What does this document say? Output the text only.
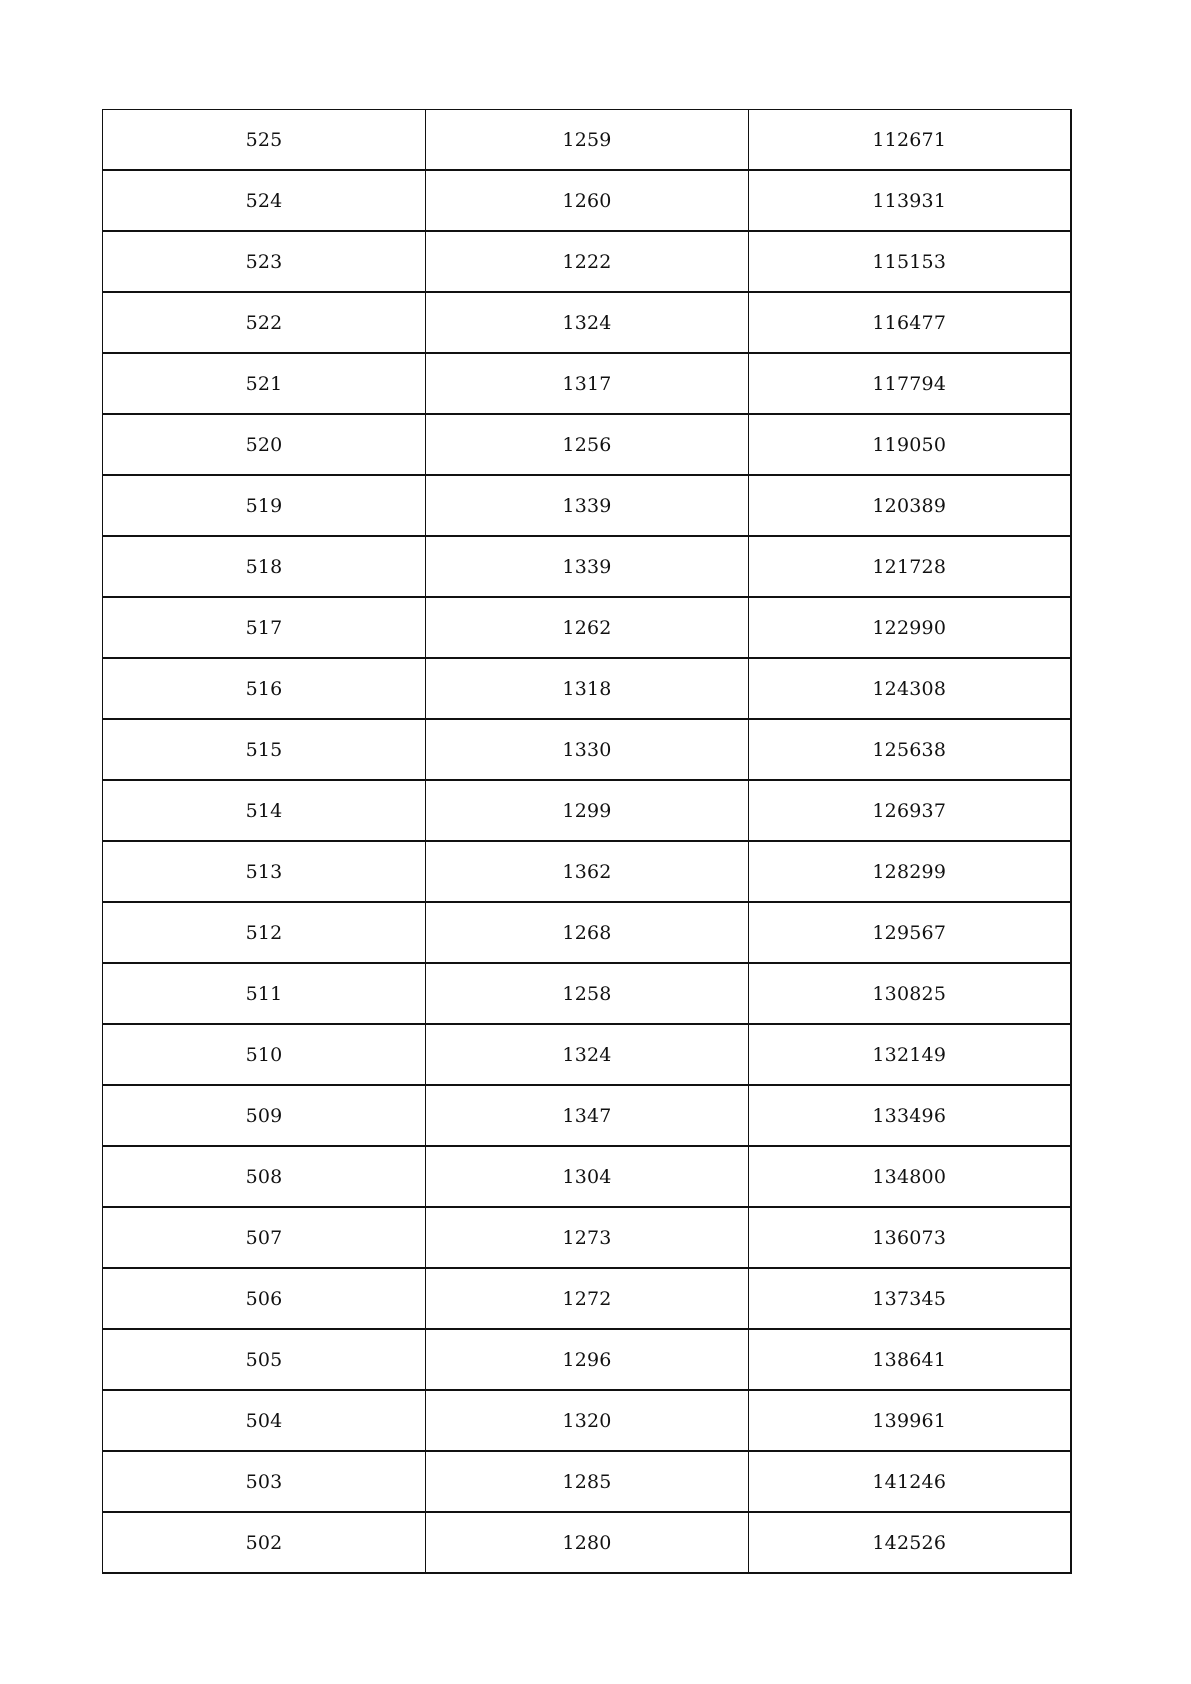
525	1259	112671
524	1260	113931
523	1222	115153
522	1324	116477
521	1317	117794
520	1256	119050
519	1339	120389
518	1339	121728
517	1262	122990
516	1318	124308
515	1330	125638
514	1299	126937
513	1362	128299
512	1268	129567
511	1258	130825
510	1324	132149
509	1347	133496
508	1304	134800
507	1273	136073
506	1272	137345
505	1296	138641
504	1320	139961
503	1285	141246
502	1280	142526
